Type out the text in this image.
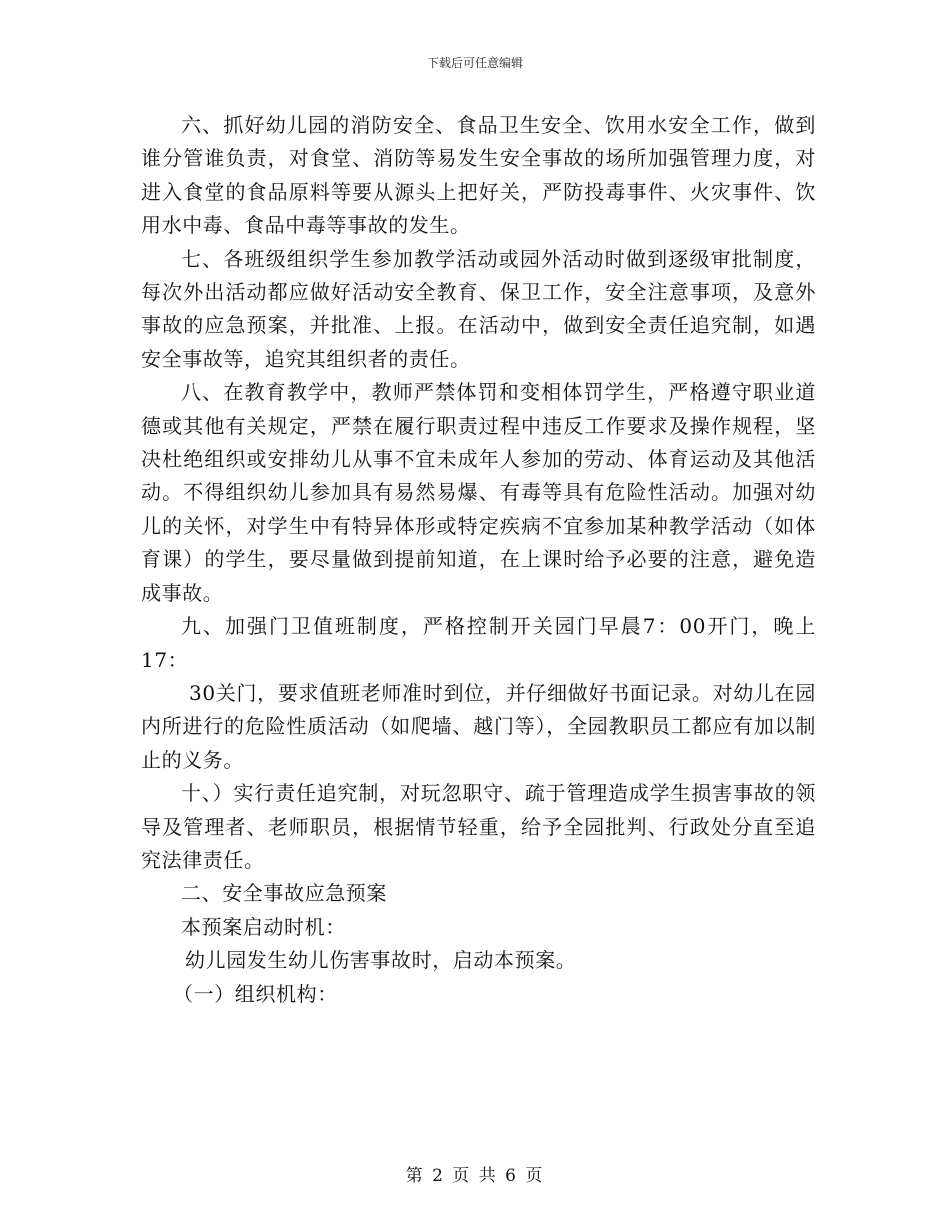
下载后可任意编辑

六、抓好幼儿园的消防安全、食品卫生安全、饮用水安全工作，做到谁分管谁负责，对食堂、消防等易发生安全事故的场所加强管理力度，对进入食堂的食品原料等要从源头上把好关，严防投毒事件、火灾事件、饮用水中毒、食品中毒等事故的发生。

七、各班级组织学生参加教学活动或园外活动时做到逐级审批制度，每次外出活动都应做好活动安全教育、保卫工作，安全注意事项，及意外事故的应急预案，并批准、上报。在活动中，做到安全责任追究制，如遇安全事故等，追究其组织者的责任。

八、在教育教学中，教师严禁体罚和变相体罚学生，严格遵守职业道德或其他有关规定，严禁在履行职责过程中违反工作要求及操作规程，坚决杜绝组织或安排幼儿从事不宜未成年人参加的劳动、体育运动及其他活动。不得组织幼儿参加具有易然易爆、有毒等具有危险性活动。加强对幼儿的关怀，对学生中有特异体形或特定疾病不宜参加某种教学活动（如体育课）的学生，要尽量做到提前知道，在上课时给予必要的注意，避免造成事故。

九、加强门卫值班制度，严格控制开关园门早晨7：00开门，晚上17：

30关门，要求值班老师准时到位，并仔细做好书面记录。对幼儿在园内所进行的危险性质活动（如爬墙、越门等），全园教职员工都应有加以制止的义务。

十、）实行责任追究制，对玩忽职守、疏于管理造成学生损害事故的领导及管理者、老师职员，根据情节轻重，给予全园批判、行政处分直至追究法律责任。

二、安全事故应急预案

本预案启动时机：

幼儿园发生幼儿伤害事故时，启动本预案。

（一）组织机构：

第 2 页 共 6 页
